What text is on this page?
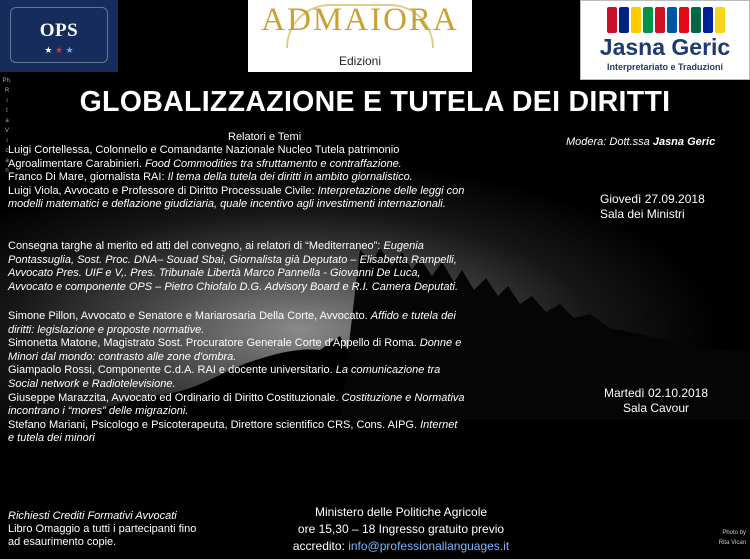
OPS
★ ★ ★
ADMAIORA
Edizioni
Jasna Geric
Interpretariato e Traduzioni
Ph.
R
i
t
a
V
i
c
a
n
GLOBALIZZAZIONE E TUTELA DEI DIRITTI
Relatori e Temi	Modera: Dott.ssa Jasna Geric
Luigi Cortellessa, Colonnello e Comandante Nazionale Nucleo Tutela patrimonio
Agroalimentare Carabinieri. Food Commodities tra sfruttamento e contraffazione.
Franco Di Mare, giornalista RAI: Il tema della tutela dei diritti in ambito giornalistico.
Luigi Viola, Avvocato e Professore di Diritto Processuale Civile: Interpretazione delle leggi con
modelli matematici e deflazione giudiziaria, quale incentivo agli investimenti internazionali.
Consegna targhe al merito ed atti del convegno, ai relatori di “Mediterraneo”: Eugenia
Pontassuglia, Sost. Proc. DNA– Souad Sbai, Giornalista già Deputato – Elisabetta Rampelli,
Avvocato Pres. UIF e V,. Pres. Tribunale Libertà Marco Pannella - Giovanni De Luca,
Avvocato e componente OPS – Pietro Chiofalo D.G. Advisory Board e R.I. Camera Deputati.
Simone Pillon, Avvocato e Senatore e Mariarosaria Della Corte, Avvocato. Affido e tutela dei
diritti: legislazione e proposte normative.
Simonetta Matone, Magistrato Sost. Procuratore Generale Corte d'Appello di Roma. Donne e
Minori dal mondo: contrasto alle zone d'ombra.
Giampaolo Rossi, Componente C.d.A. RAI e docente universitario. La comunicazione tra
Social network e Radiotelevisione.
Giuseppe Marazzita, Avvocato ed Ordinario di Diritto Costituzionale. Costituzione e Normativa
incontrano i “mores” delle migrazioni.
Stefano Mariani, Psicologo e Psicoterapeuta, Direttore scientifico CRS, Cons. AIPG. Internet
e tutela dei minori
Giovedì 27.09.2018
Sala dei Ministri
Martedì 02.10.2018
Sala Cavour
Richiesti Crediti Formativi Avvocati
Libro Omaggio a tutti i partecipanti fino
ad esaurimento copie.
Ministero delle Politiche Agricole
ore 15,30 – 18 Ingresso gratuito previo
accredito: info@professionallanguages.it
Photo by
Rita Vican
